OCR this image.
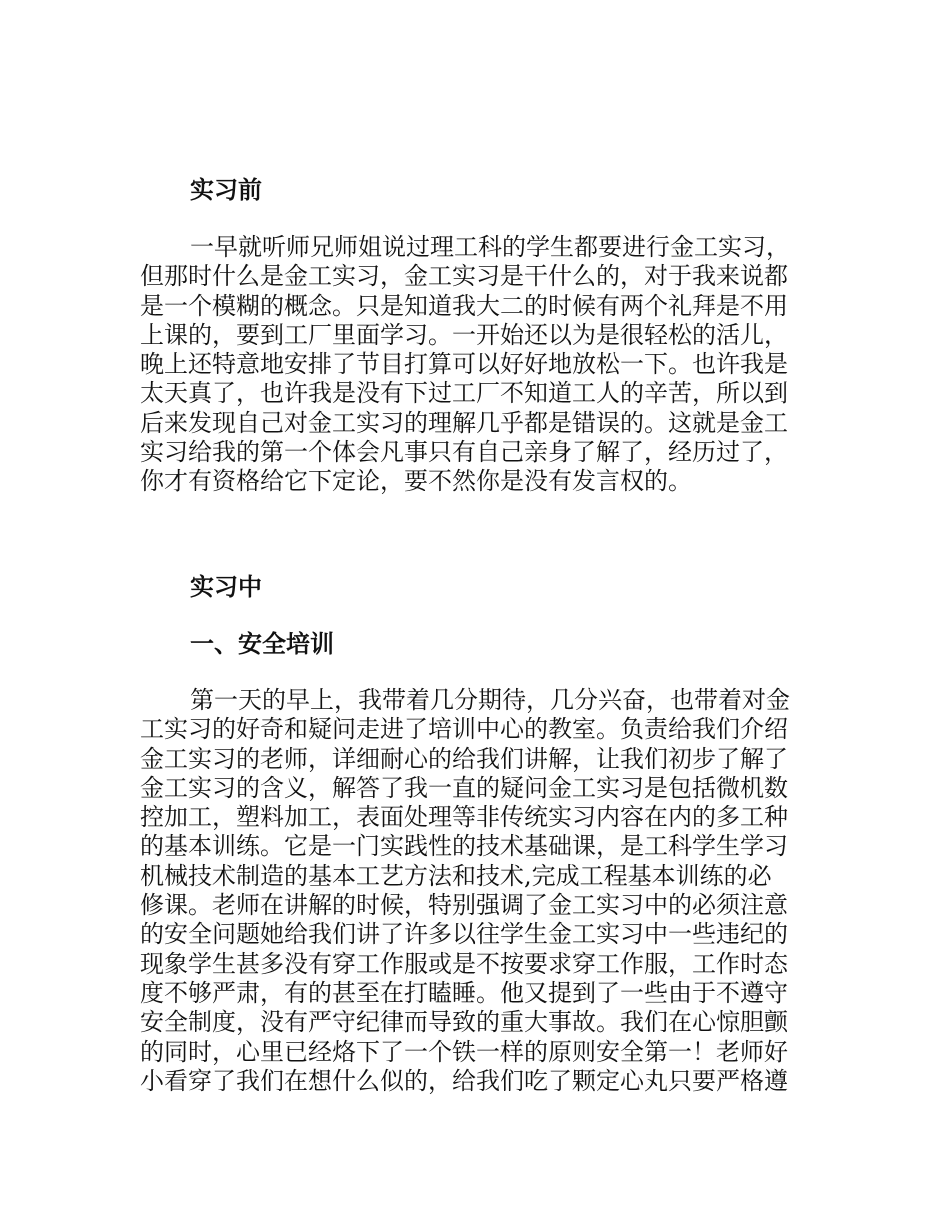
实习前
一早就听师兄师姐说过理工科的学生都要进行金工实习，
但那时什么是金工实习，金工实习是干什么的，对于我来说都
是一个模糊的概念。只是知道我大二的时候有两个礼拜是不用
上课的，要到工厂里面学习。一开始还以为是很轻松的活儿，
晚上还特意地安排了节目打算可以好好地放松一下。也许我是
太天真了，也许我是没有下过工厂不知道工人的辛苦，所以到
后来发现自己对金工实习的理解几乎都是错误的。这就是金工
实习给我的第一个体会凡事只有自己亲身了解了，经历过了，
你才有资格给它下定论，要不然你是没有发言权的。
实习中
一、安全培训
第一天的早上，我带着几分期待，几分兴奋，也带着对金
工实习的好奇和疑问走进了培训中心的教室。负责给我们介绍
金工实习的老师，详细耐心的给我们讲解，让我们初步了解了
金工实习的含义，解答了我一直的疑问金工实习是包括微机数
控加工，塑料加工，表面处理等非传统实习内容在内的多工种
的基本训练。它是一门实践性的技术基础课，是工科学生学习
机械技术制造的基本工艺方法和技术,完成工程基本训练的必
修课。老师在讲解的时候，特别强调了金工实习中的必须注意
的安全问题她给我们讲了许多以往学生金工实习中一些违纪的
现象学生甚多没有穿工作服或是不按要求穿工作服，工作时态
度不够严肃，有的甚至在打瞌睡。他又提到了一些由于不遵守
安全制度，没有严守纪律而导致的重大事故。我们在心惊胆颤
的同时，心里已经烙下了一个铁一样的原则安全第一！老师好
小看穿了我们在想什么似的，给我们吃了颗定心丸只要严格遵
